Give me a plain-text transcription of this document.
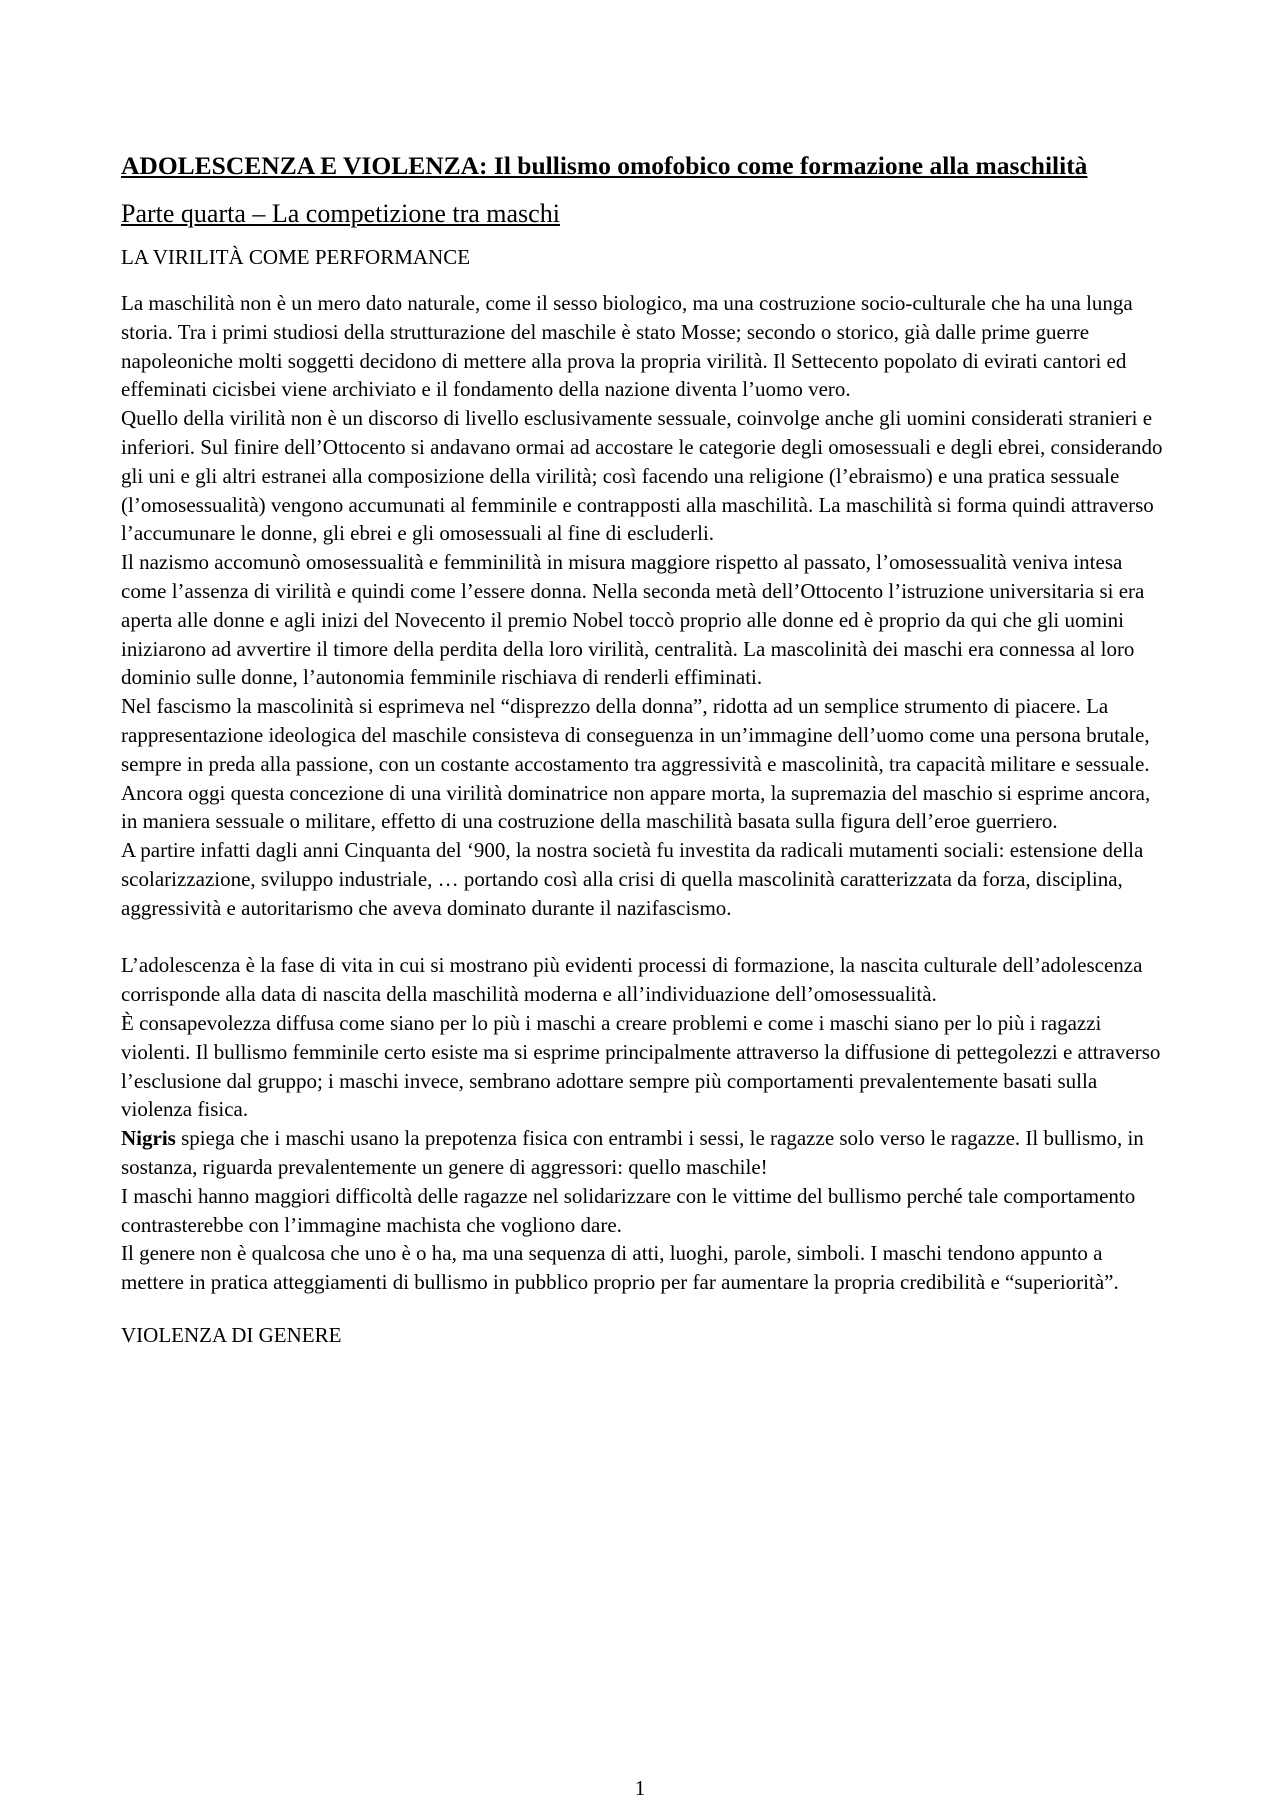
ADOLESCENZA E VIOLENZA: Il bullismo omofobico come formazione alla maschilità
Parte quarta – La competizione tra maschi
LA VIRILITÀ COME PERFORMANCE

La maschilità non è un mero dato naturale, come il sesso biologico, ma una costruzione socio-culturale che ha una lunga storia. Tra i primi studiosi della strutturazione del maschile è stato Mosse; secondo o storico, già dalle prime guerre napoleoniche molti soggetti decidono di mettere alla prova la propria virilità. Il Settecento popolato di evirati cantori ed effeminati cicisbei viene archiviato e il fondamento della nazione diventa l’uomo vero.

Quello della virilità non è un discorso di livello esclusivamente sessuale, coinvolge anche gli uomini considerati stranieri e inferiori. Sul finire dell’Ottocento si andavano ormai ad accostare le categorie degli omosessuali e degli ebrei, considerando gli uni e gli altri estranei alla composizione della virilità; così facendo una religione (l’ebraismo) e una pratica sessuale (l’omosessualità) vengono accumunati al femminile e contrapposti alla maschilità. La maschilità si forma quindi attraverso l’accumunare le donne, gli ebrei e gli omosessuali al fine di escluderli.

Il nazismo accomunò omosessualità e femminilità in misura maggiore rispetto al passato, l’omosessualità veniva intesa come l’assenza di virilità e quindi come l’essere donna. Nella seconda metà dell’Ottocento l’istruzione universitaria si era aperta alle donne e agli inizi del Novecento il premio Nobel toccò proprio alle donne ed è proprio da qui che gli uomini iniziarono ad avvertire il timore della perdita della loro virilità, centralità. La mascolinità dei maschi era connessa al loro dominio sulle donne, l’autonomia femminile rischiava di renderli effiminati.

Nel fascismo la mascolinità si esprimeva nel “disprezzo della donna”, ridotta ad un semplice strumento di piacere. La rappresentazione ideologica del maschile consisteva di conseguenza in un’immagine dell’uomo come una persona brutale, sempre in preda alla passione, con un costante accostamento tra aggressività e mascolinità, tra capacità militare e sessuale.

Ancora oggi questa concezione di una virilità dominatrice non appare morta, la supremazia del maschio si esprime ancora, in maniera sessuale o militare, effetto di una costruzione della maschilità basata sulla figura dell’eroe guerriero.

A partire infatti dagli anni Cinquanta del ‘900, la nostra società fu investita da radicali mutamenti sociali: estensione della scolarizzazione, sviluppo industriale, … portando così alla crisi di quella mascolinità caratterizzata da forza, disciplina, aggressività e autoritarismo che aveva dominato durante il nazifascismo.

L’adolescenza è la fase di vita in cui si mostrano più evidenti processi di formazione, la nascita culturale dell’adolescenza corrisponde alla data di nascita della maschilità moderna e all’individuazione dell’omosessualità.

È consapevolezza diffusa come siano per lo più i maschi a creare problemi e come i maschi siano per lo più i ragazzi violenti. Il bullismo femminile certo esiste ma si esprime principalmente attraverso la diffusione di pettegolezzi e attraverso l’esclusione dal gruppo; i maschi invece, sembrano adottare sempre più comportamenti prevalentemente basati sulla violenza fisica.

Nigris spiega che i maschi usano la prepotenza fisica con entrambi i sessi, le ragazze solo verso le ragazze. Il bullismo, in sostanza, riguarda prevalentemente un genere di aggressori: quello maschile!

I maschi hanno maggiori difficoltà delle ragazze nel solidarizzare con le vittime del bullismo perché tale comportamento contrasterebbe con l’immagine machista che vogliono dare.

Il genere non è qualcosa che uno è o ha, ma una sequenza di atti, luoghi, parole, simboli. I maschi tendono appunto a mettere in pratica atteggiamenti di bullismo in pubblico proprio per far aumentare la propria credibilità e “superiorità”.

VIOLENZA DI GENERE
1
